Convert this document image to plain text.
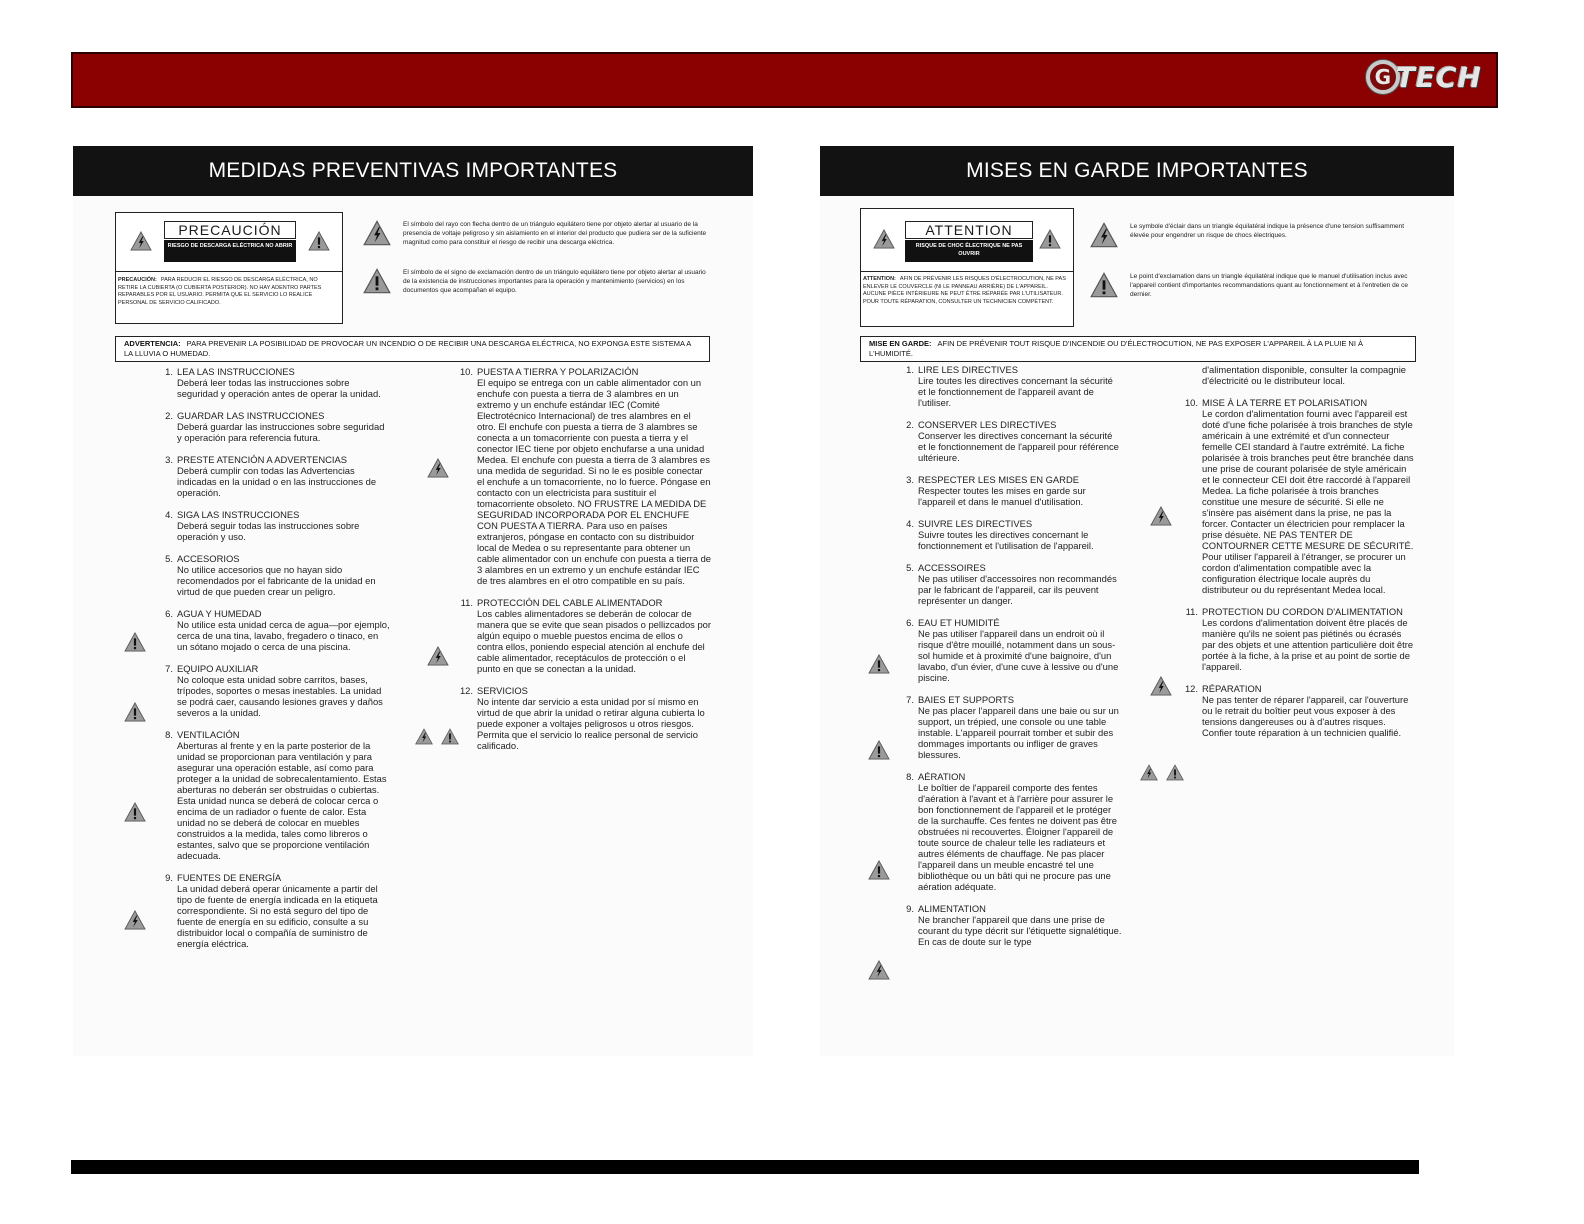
G TECH
MEDIDAS PREVENTIVAS IMPORTANTES
PRECAUCIÓN
RIESGO DE DESCARGA ELÉCTRICA NO ABRIR
PRECAUCIÓN: PARA REDUCIR EL RIESGO DE DESCARGA ELÉCTRICA, NO RETIRE LA CUBIERTA (O CUBIERTA POSTERIOR). NO HAY ADENTRO PARTES REPARABLES POR EL USUARIO. PERMITA QUE EL SERVICIO LO REALICE PERSONAL DE SERVICIO CALIFICADO.
El símbolo del rayo con flecha dentro de un triángulo equilátero tiene por objeto alertar al usuario de la presencia de voltaje peligroso y sin aislamiento en el interior del producto que pudiera ser de la suficiente magnitud como para constituir el riesgo de recibir una descarga eléctrica.
El símbolo de el signo de exclamación dentro de un triángulo equilátero tiene por objeto alertar al usuario de la existencia de instrucciones importantes para la operación y mantenimiento (servicios) en los documentos que acompañan el equipo.
ADVERTENCIA: PARA PREVENIR LA POSIBILIDAD DE PROVOCAR UN INCENDIO O DE RECIBIR UNA DESCARGA ELÉCTRICA, NO EXPONGA ESTE SISTEMA A LA LLUVIA O HUMEDAD.
1. LEA LAS INSTRUCCIONES
Deberá leer todas las instrucciones sobre seguridad y operación antes de operar la unidad.
2. GUARDAR LAS INSTRUCCIONES
Deberá guardar las instrucciones sobre seguridad y operación para referencia futura.
3. PRESTE ATENCIÓN A ADVERTENCIAS
Deberá cumplir con todas las Advertencias indicadas en la unidad o en las instrucciones de operación.
4. SIGA LAS INSTRUCCIONES
Deberá seguir todas las instrucciones sobre operación y uso.
5. ACCESORIOS
No utilice accesorios que no hayan sido recomendados por el fabricante de la unidad en virtud de que pueden crear un peligro.
6. AGUA Y HUMEDAD
No utilice esta unidad cerca de agua—por ejemplo, cerca de una tina, lavabo, fregadero o tinaco, en un sótano mojado o cerca de una piscina.
7. EQUIPO AUXILIAR
No coloque esta unidad sobre carritos, bases, trípodes, soportes o mesas inestables. La unidad se podrá caer, causando lesiones graves y daños severos a la unidad.
8. VENTILACIÓN
Aberturas al frente y en la parte posterior de la unidad se proporcionan para ventilación y para asegurar una operación estable, así como para proteger a la unidad de sobrecalentamiento. Estas aberturas no deberán ser obstruidas o cubiertas. Esta unidad nunca se deberá de colocar cerca o encima de un radiador o fuente de calor. Esta unidad no se deberá de colocar en muebles construidos a la medida, tales como libreros o estantes, salvo que se proporcione ventilación adecuada.
9. FUENTES DE ENERGÍA
La unidad deberá operar únicamente a partir del tipo de fuente de energía indicada en la etiqueta correspondiente. Si no está seguro del tipo de fuente de energía en su edificio, consulte a su distribuidor local o compañía de suministro de energía eléctrica.
10. PUESTA A TIERRA Y POLARIZACIÓN
El equipo se entrega con un cable alimentador con un enchufe con puesta a tierra de 3 alambres en un extremo y un enchufe estándar IEC (Comité Electrotécnico Internacional) de tres alambres en el otro. El enchufe con puesta a tierra de 3 alambres se conecta a un tomacorriente con puesta a tierra y el conector IEC tiene por objeto enchufarse a una unidad Medea. El enchufe con puesta a tierra de 3 alambres es una medida de seguridad. Si no le es posible conectar el enchufe a un tomacorriente, no lo fuerce. Póngase en contacto con un electricista para sustituir el tomacorriente obsoleto. NO FRUSTRE LA MEDIDA DE SEGURIDAD INCORPORADA POR EL ENCHUFE CON PUESTA A TIERRA. Para uso en países extranjeros, póngase en contacto con su distribuidor local de Medea o su representante para obtener un cable alimentador con un enchufe con puesta a tierra de 3 alambres en un extremo y un enchufe estándar IEC de tres alambres en el otro compatible en su país.
11. PROTECCIÓN DEL CABLE ALIMENTADOR
Los cables alimentadores se deberán de colocar de manera que se evite que sean pisados o pellizcados por algún equipo o mueble puestos encima de ellos o contra ellos, poniendo especial atención al enchufe del cable alimentador, receptáculos de protección o el punto en que se conectan a la unidad.
12. SERVICIOS
No intente dar servicio a esta unidad por sí mismo en virtud de que abrir la unidad o retirar alguna cubierta lo puede exponer a voltajes peligrosos u otros riesgos. Permita que el servicio lo realice personal de servicio calificado.
MISES EN GARDE IMPORTANTES
ATTENTION
RISQUE DE CHOC ÉLECTRIQUE NE PAS OUVRIR
ATTENTION: AFIN DE PRÉVENIR LES RISQUES D'ÉLECTROCUTION, NE PAS ENLEVER LE COUVERCLE (NI LE PANNEAU ARRIÈRE) DE L'APPAREIL. AUCUNE PIÈCE INTÉRIEURE NE PEUT ÊTRE RÉPARÉE PAR L'UTILISATEUR. POUR TOUTE RÉPARATION, CONSULTER UN TECHNICIEN COMPÉTENT.
Le symbole d'éclair dans un triangle équilatéral indique la présence d'une tension suffisamment élevée pour engendrer un risque de chocs électriques.
Le point d'exclamation dans un triangle équilatéral indique que le manuel d'utilisation inclus avec l'appareil contient d'importantes recommandations quant au fonctionnement et à l'entretien de ce dernier.
MISE EN GARDE: AFIN DE PRÉVENIR TOUT RISQUE D'INCENDIE OU D'ÉLECTROCUTION, NE PAS EXPOSER L'APPAREIL À LA PLUIE NI À L'HUMIDITÉ.
1. LIRE LES DIRECTIVES
Lire toutes les directives concernant la sécurité et le fonctionnement de l'appareil avant de l'utiliser.
2. CONSERVER LES DIRECTIVES
Conserver les directives concernant la sécurité et le fonctionnement de l'appareil pour référence ultérieure.
3. RESPECTER LES MISES EN GARDE
Respecter toutes les mises en garde sur l'appareil et dans le manuel d'utilisation.
4. SUIVRE LES DIRECTIVES
Suivre toutes les directives concernant le fonctionnement et l'utilisation de l'appareil.
5. ACCESSOIRES
Ne pas utiliser d'accessoires non recommandés par le fabricant de l'appareil, car ils peuvent représenter un danger.
6. EAU ET HUMIDITÉ
Ne pas utiliser l'appareil dans un endroit où il risque d'être mouillé, notamment dans un sous-sol humide et à proximité d'une baignoire, d'un lavabo, d'un évier, d'une cuve à lessive ou d'une piscine.
7. BAIES ET SUPPORTS
Ne pas placer l'appareil dans une baie ou sur un support, un trépied, une console ou une table instable. L'appareil pourrait tomber et subir des dommages importants ou infliger de graves blessures.
8. AÉRATION
Le boîtier de l'appareil comporte des fentes d'aération à l'avant et à l'arrière pour assurer le bon fonctionnement de l'appareil et le protéger de la surchauffe. Ces fentes ne doivent pas être obstruées ni recouvertes. Éloigner l'appareil de toute source de chaleur telle les radiateurs et autres éléments de chauffage. Ne pas placer l'appareil dans un meuble encastré tel une bibliothèque ou un bâti qui ne procure pas une aération adéquate.
9. ALIMENTATION
Ne brancher l'appareil que dans une prise de courant du type décrit sur l'étiquette signalétique. En cas de doute sur le type
d'alimentation disponible, consulter la compagnie d'électricité ou le distributeur local.
10. MISE À LA TERRE ET POLARISATION
Le cordon d'alimentation fourni avec l'appareil est doté d'une fiche polarisée à trois branches de style américain à une extrémité et d'un connecteur femelle CEI standard à l'autre extrémité. La fiche polarisée à trois branches peut être branchée dans une prise de courant polarisée de style américain et le connecteur CEI doit être raccordé à l'appareil Medea. La fiche polarisée à trois branches constitue une mesure de sécurité. Si elle ne s'insère pas aisément dans la prise, ne pas la forcer. Contacter un électricien pour remplacer la prise désuète. NE PAS TENTER DE CONTOURNER CETTE MESURE DE SÉCURITÉ. Pour utiliser l'appareil à l'étranger, se procurer un cordon d'alimentation compatible avec la configuration électrique locale auprès du distributeur ou du représentant Medea local.
11. PROTECTION DU CORDON D'ALIMENTATION
Les cordons d'alimentation doivent être placés de manière qu'ils ne soient pas piétinés ou écrasés par des objets et une attention particulière doit être portée à la fiche, à la prise et au point de sortie de l'appareil.
12. RÉPARATION
Ne pas tenter de réparer l'appareil, car l'ouverture ou le retrait du boîtier peut vous exposer à des tensions dangereuses ou à d'autres risques. Confier toute réparation à un technicien qualifié.
